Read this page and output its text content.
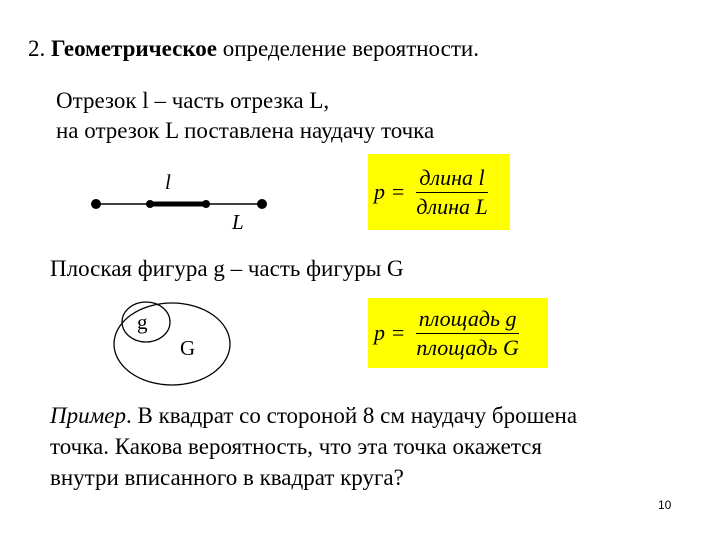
2. Геометрическое определение вероятности.
Отрезок l – часть отрезка L,
на отрезок L поставлена наудачу точка
l
L
$p = \frac{\text{длина l}}{\text{длина L}}$
Плоская фигура g – часть фигуры G
g
G
$p = \frac{\text{площадь g}}{\text{площадь G}}$
Пример. В квадрат со стороной 8 см наудачу брошена
точка. Какова вероятность, что эта точка окажется
внутри вписанного в квадрат круга?
10
